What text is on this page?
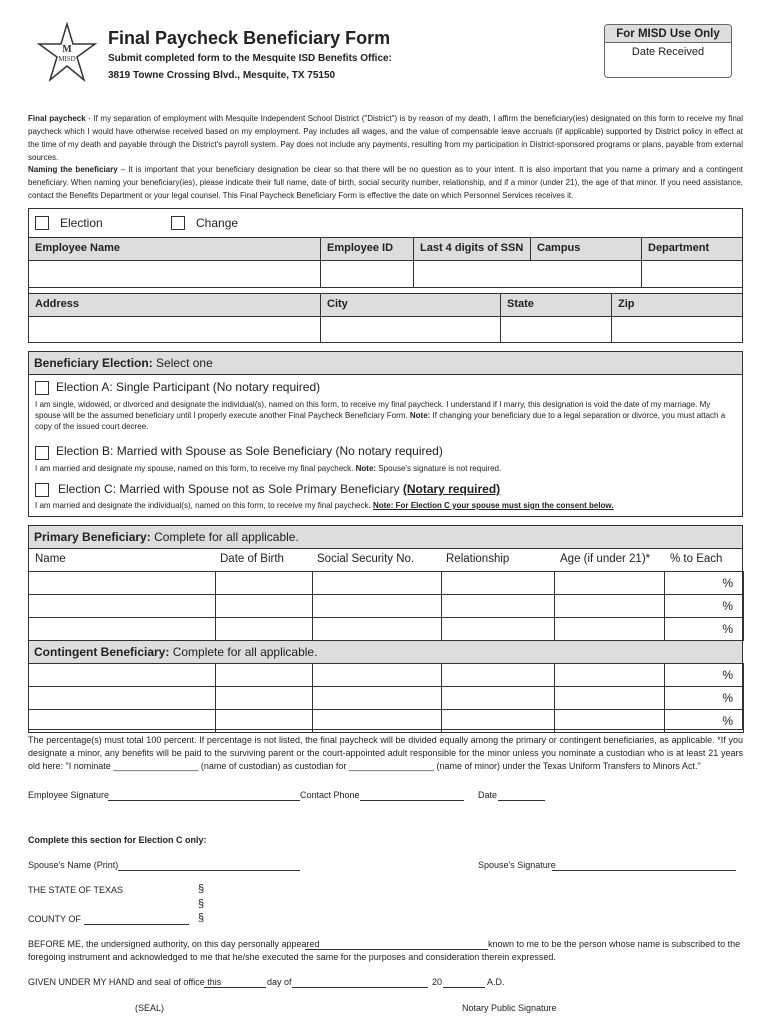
M
MISD
Final Paycheck Beneficiary Form
Submit completed form to the Mesquite ISD Benefits Office:
3819 Towne Crossing Blvd., Mesquite, TX 75150
For MISD Use Only
Date Received
Final paycheck - If my separation of employment with Mesquite Independent School District ("District") is by reason of my death, I affirm the beneficiary(ies) designated on this form to receive my final paycheck which I would have otherwise received based on my employment. Pay includes all wages, and the value of compensable leave accruals (if applicable) supported by District policy in effect at the time of my death and payable through the District's payroll system. Pay does not include any payments, resulting from my participation in District-sponsored programs or plans, payable from external sources.
Naming the beneficiary – It is important that your beneficiary designation be clear so that there will be no question as to your intent. It is also important that you name a primary and a contingent beneficiary. When naming your beneficiary(ies), please indicate their full name, date of birth, social security number, relationship, and if a minor (under 21), the age of that minor. If you need assistance, contact the Benefits Department or your legal counsel. This Final Paycheck Beneficiary Form is effective the date on which Personnel Services receives it.
Election	Change
Employee Name	Employee ID	Last 4 digits of SSN	Campus	Department
Address	City	State	Zip
Beneficiary Election: Select one
Election A: Single Participant (No notary required)
I am single, widowed, or divorced and designate the individual(s), named on this form, to receive my final paycheck. I understand if I marry, this designation is void the date of my marriage. My spouse will be the assumed beneficiary until I properly execute another Final Paycheck Beneficiary Form. Note: If changing your beneficiary due to a legal separation or divorce, you must attach a copy of the issued court decree.
Election B: Married with Spouse as Sole Beneficiary (No notary required)
I am married and designate my spouse, named on this form, to receive my final paycheck. Note: Spouse's signature is not required.
Election C: Married with Spouse not as Sole Primary Beneficiary (Notary required)
I am married and designate the individual(s), named on this form, to receive my final paycheck. Note: For Election C your spouse must sign the consent below.
Primary Beneficiary: Complete for all applicable.
Name	Date of Birth	Social Security No.	Relationship	Age (if under 21)* % to Each
%
%
%
Contingent Beneficiary: Complete for all applicable.
%
%
%
The percentage(s) must total 100 percent. If percentage is not listed, the final paycheck will be divided equally among the primary or contingent beneficiaries, as applicable. *If you designate a minor, any benefits will be paid to the surviving parent or the court-appointed adult responsible for the minor unless you nominate a custodian who is at least 21 years old here: "I nominate _________________ (name of custodian) as custodian for _________________ (name of minor) under the Texas Uniform Transfers to Minors Act."
Employee Signature	Contact Phone	Date
Complete this section for Election C only:
Spouse's Name (Print)	Spouse's Signature
THE STATE OF TEXAS	§
§
§
COUNTY OF
BEFORE ME, the undersigned authority, on this day personally appeared	known to me to be the person whose name is subscribed to the
foregoing instrument and acknowledged to me that he/she executed the same for the purposes and consideration therein expressed.
GIVEN UNDER MY HAND and seal of office this	day of	20	A.D.
(SEAL)	Notary Public Signature
